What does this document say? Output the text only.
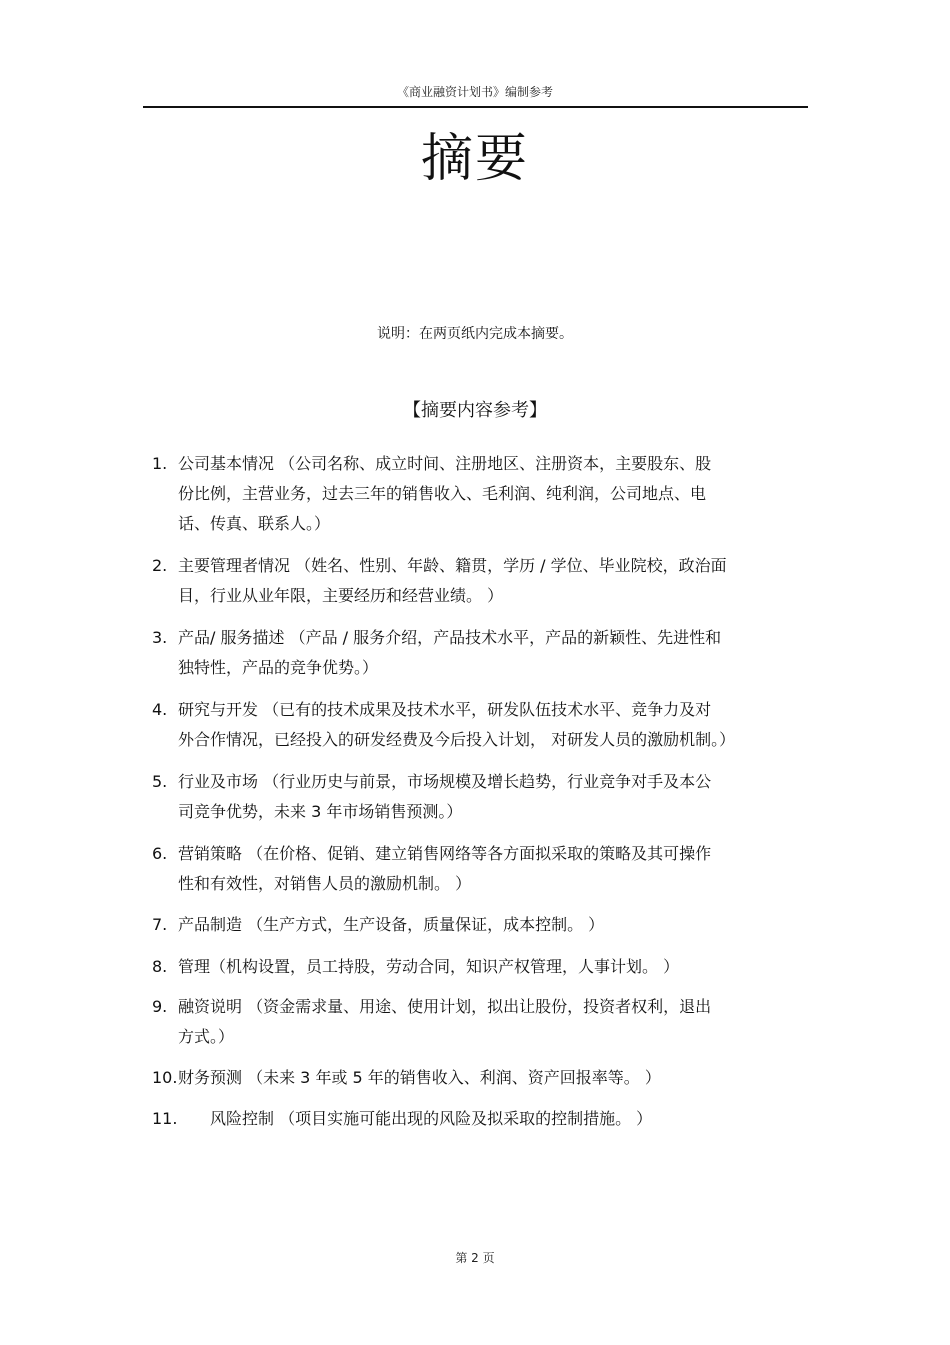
《商业融资计划书》编制参考
摘要
说明：在两页纸内完成本摘要。
【摘要内容参考】
1. 公司基本情况 （公司名称、成立时间、注册地区、注册资本，主要股东、股
份比例，主营业务，过去三年的销售收入、毛利润、纯利润，公司地点、电
话、传真、联系人。）
2. 主要管理者情况 （姓名、性别、年龄、籍贯，学历 / 学位、毕业院校，政治面
目，行业从业年限，主要经历和经营业绩。 ）
3. 产品/ 服务描述 （产品 / 服务介绍，产品技术水平，产品的新颖性、先进性和
独特性，产品的竞争优势。）
4. 研究与开发 （已有的技术成果及技术水平，研发队伍技术水平、竞争力及对
外合作情况，已经投入的研发经费及今后投入计划， 对研发人员的激励机制。）
5. 行业及市场 （行业历史与前景，市场规模及增长趋势，行业竞争对手及本公
司竞争优势，未来 3 年市场销售预测。）
6. 营销策略 （在价格、促销、建立销售网络等各方面拟采取的策略及其可操作
性和有效性，对销售人员的激励机制。 ）
7. 产品制造 （生产方式，生产设备，质量保证，成本控制。 ）
8. 管理（机构设置，员工持股，劳动合同，知识产权管理，人事计划。 ）
9. 融资说明 （资金需求量、用途、使用计划，拟出让股份，投资者权利，退出
方式。）
10.财务预测 （未来 3 年或 5 年的销售收入、利润、资产回报率等。 ）
11. 风险控制 （项目实施可能出现的风险及拟采取的控制措施。 ）
第 2 页
